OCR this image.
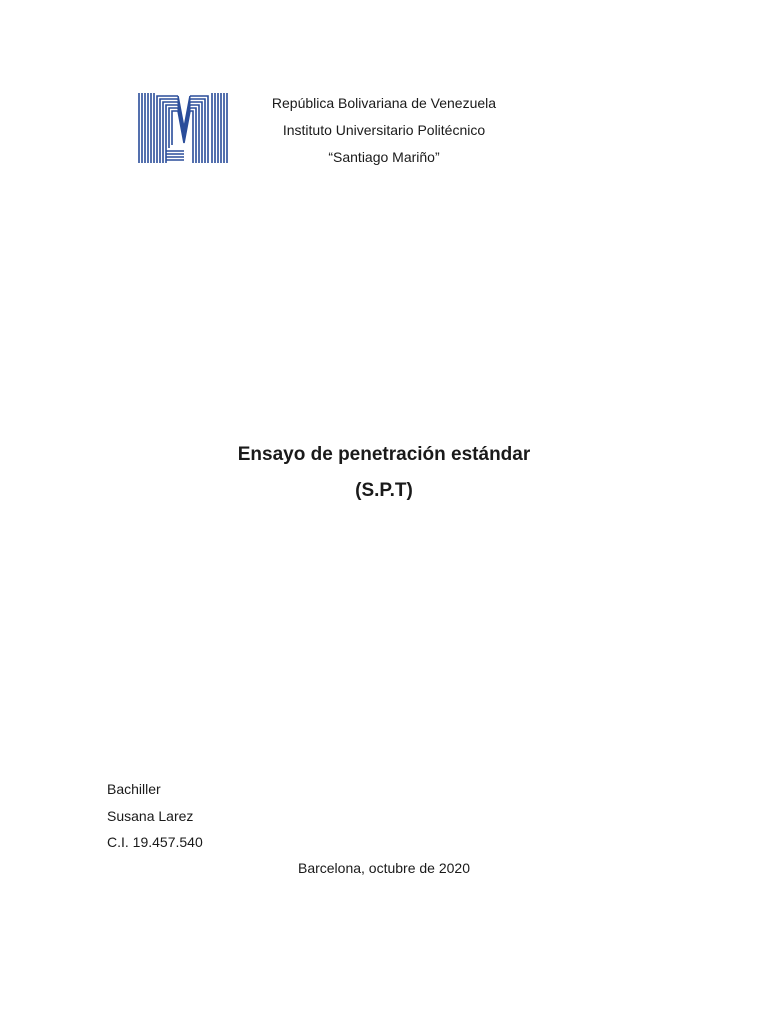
República Bolivariana de Venezuela
Instituto Universitario Politécnico
“Santiago Mariño”
Ensayo de penetración estándar
(S.P.T)
Bachiller
Susana Larez
C.I. 19.457.540
Barcelona, octubre de 2020
